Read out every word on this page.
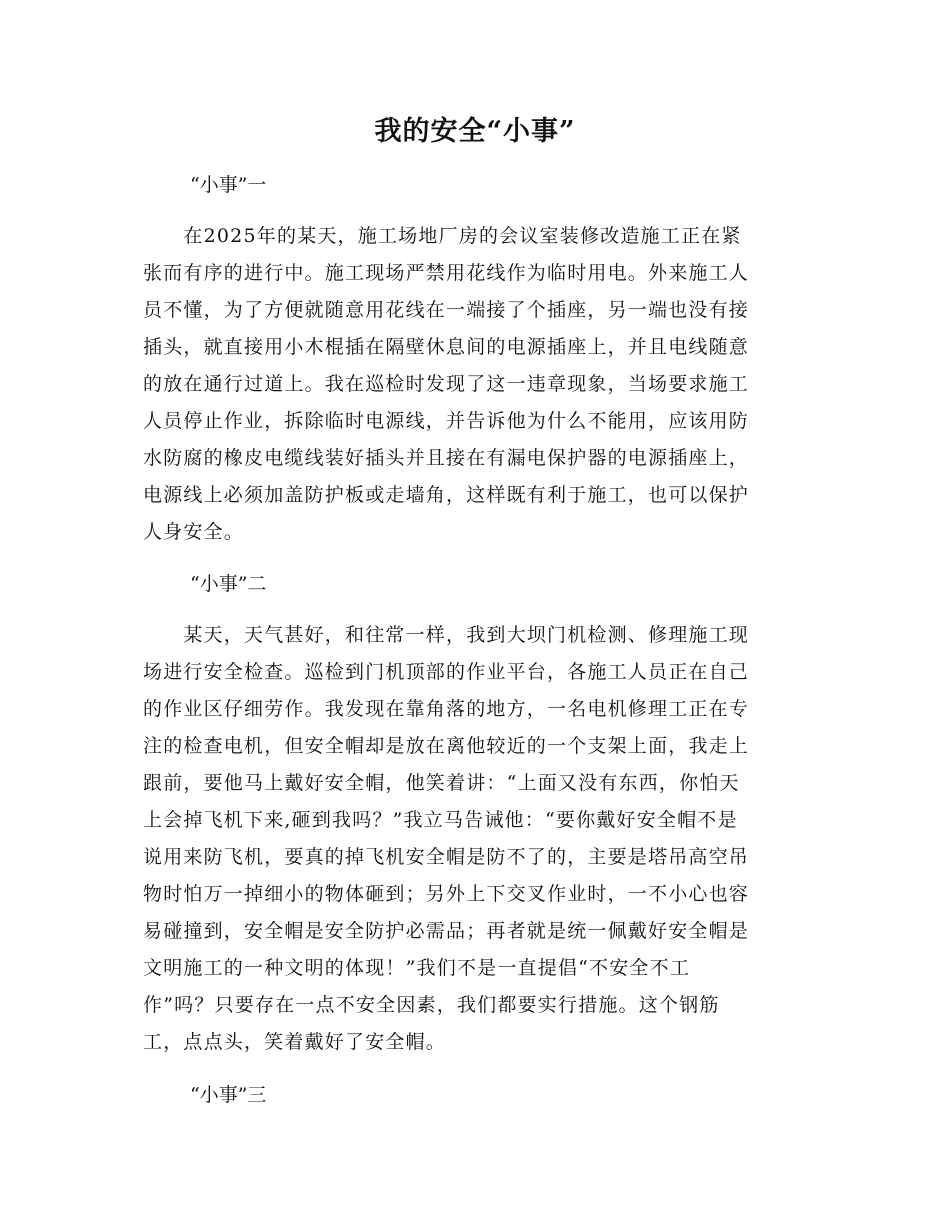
我的安全“小事”

“小事”一

　　在2025年的某天，施工场地厂房的会议室装修改造施工正在紧
张而有序的进行中。施工现场严禁用花线作为临时用电。外来施工人
员不懂，为了方便就随意用花线在一端接了个插座，另一端也没有接
插头，就直接用小木棍插在隔壁休息间的电源插座上，并且电线随意
的放在通行过道上。我在巡检时发现了这一违章现象，当场要求施工
人员停止作业，拆除临时电源线，并告诉他为什么不能用，应该用防
水防腐的橡皮电缆线装好插头并且接在有漏电保护器的电源插座上，
电源线上必须加盖防护板或走墙角，这样既有利于施工，也可以保护
人身安全。

“小事”二

　　某天，天气甚好，和往常一样，我到大坝门机检测、修理施工现
场进行安全检查。巡检到门机顶部的作业平台，各施工人员正在自己
的作业区仔细劳作。我发现在靠角落的地方，一名电机修理工正在专
注的检查电机，但安全帽却是放在离他较近的一个支架上面，我走上
跟前，要他马上戴好安全帽，他笑着讲：“上面又没有东西，你怕天
上会掉飞机下来,砸到我吗？”我立马告诫他：“要你戴好安全帽不是
说用来防飞机，要真的掉飞机安全帽是防不了的，主要是塔吊高空吊
物时怕万一掉细小的物体砸到；另外上下交叉作业时，一不小心也容
易碰撞到，安全帽是安全防护必需品；再者就是统一佩戴好安全帽是
文明施工的一种文明的体现！”我们不是一直提倡“不安全不工
作”吗？只要存在一点不安全因素，我们都要实行措施。这个钢筋
工，点点头，笑着戴好了安全帽。

“小事”三
